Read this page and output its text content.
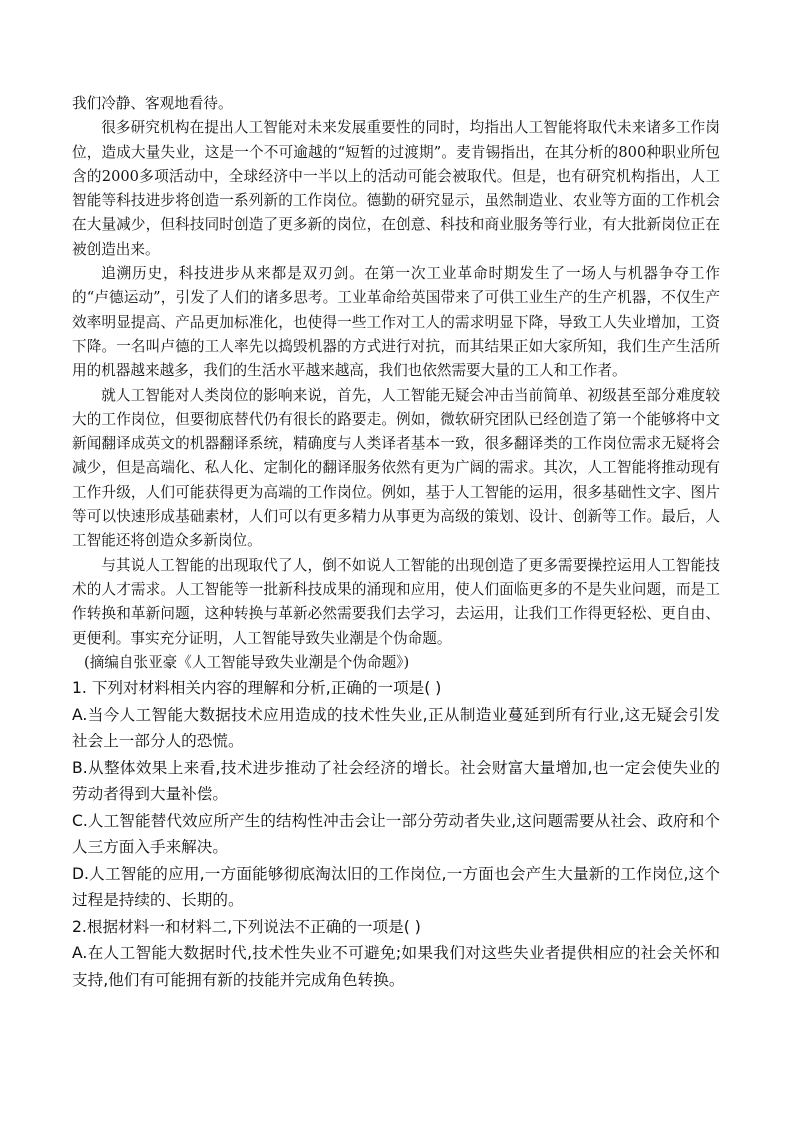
我们冷静、客观地看待。

很多研究机构在提出人工智能对未来发展重要性的同时，均指出人工智能将取代未来诸多工作岗位，造成大量失业，这是一个不可逾越的“短暂的过渡期”。麦肯锡指出，在其分析的800种职业所包含的2000多项活动中，全球经济中一半以上的活动可能会被取代。但是，也有研究机构指出，人工智能等科技进步将创造一系列新的工作岗位。德勤的研究显示，虽然制造业、农业等方面的工作机会在大量减少，但科技同时创造了更多新的岗位，在创意、科技和商业服务等行业，有大批新岗位正在被创造出来。

追溯历史，科技进步从来都是双刃剑。在第一次工业革命时期发生了一场人与机器争夺工作的“卢德运动”，引发了人们的诸多思考。工业革命给英国带来了可供工业生产的生产机器，不仅生产效率明显提高、产品更加标准化，也使得一些工作对工人的需求明显下降，导致工人失业增加，工资下降。一名叫卢德的工人率先以捣毁机器的方式进行对抗，而其结果正如大家所知，我们生产生活所用的机器越来越多，我们的生活水平越来越高，我们也依然需要大量的工人和工作者。

就人工智能对人类岗位的影响来说，首先，人工智能无疑会冲击当前简单、初级甚至部分难度较大的工作岗位，但要彻底替代仍有很长的路要走。例如，微软研究团队已经创造了第一个能够将中文新闻翻译成英文的机器翻译系统，精确度与人类译者基本一致，很多翻译类的工作岗位需求无疑将会减少，但是高端化、私人化、定制化的翻译服务依然有更为广阔的需求。其次，人工智能将推动现有工作升级，人们可能获得更为高端的工作岗位。例如，基于人工智能的运用，很多基础性文字、图片等可以快速形成基础素材，人们可以有更多精力从事更为高级的策划、设计、创新等工作。最后，人工智能还将创造众多新岗位。

与其说人工智能的出现取代了人，倒不如说人工智能的出现创造了更多需要操控运用人工智能技术的人才需求。人工智能等一批新科技成果的涌现和应用，使人们面临更多的不是失业问题，而是工作转换和革新问题，这种转换与革新必然需要我们去学习，去运用，让我们工作得更轻松、更自由、更便利。事实充分证明，人工智能导致失业潮是个伪命题。

(摘编自张亚豪《人工智能导致失业潮是个伪命题》)

1. 下列对材料相关内容的理解和分析,正确的一项是( )

A.当今人工智能大数据技术应用造成的技术性失业,正从制造业蔓延到所有行业,这无疑会引发社会上一部分人的恐慌。

B.从整体效果上来看,技术进步推动了社会经济的增长。社会财富大量增加,也一定会使失业的劳动者得到大量补偿。

C.人工智能替代效应所产生的结构性冲击会让一部分劳动者失业,这问题需要从社会、政府和个人三方面入手来解决。

D.人工智能的应用,一方面能够彻底淘汰旧的工作岗位,一方面也会产生大量新的工作岗位,这个过程是持续的、长期的。

2.根据材料一和材料二,下列说法不正确的一项是( )

A.在人工智能大数据时代,技术性失业不可避免;如果我们对这些失业者提供相应的社会关怀和支持,他们有可能拥有新的技能并完成角色转换。
